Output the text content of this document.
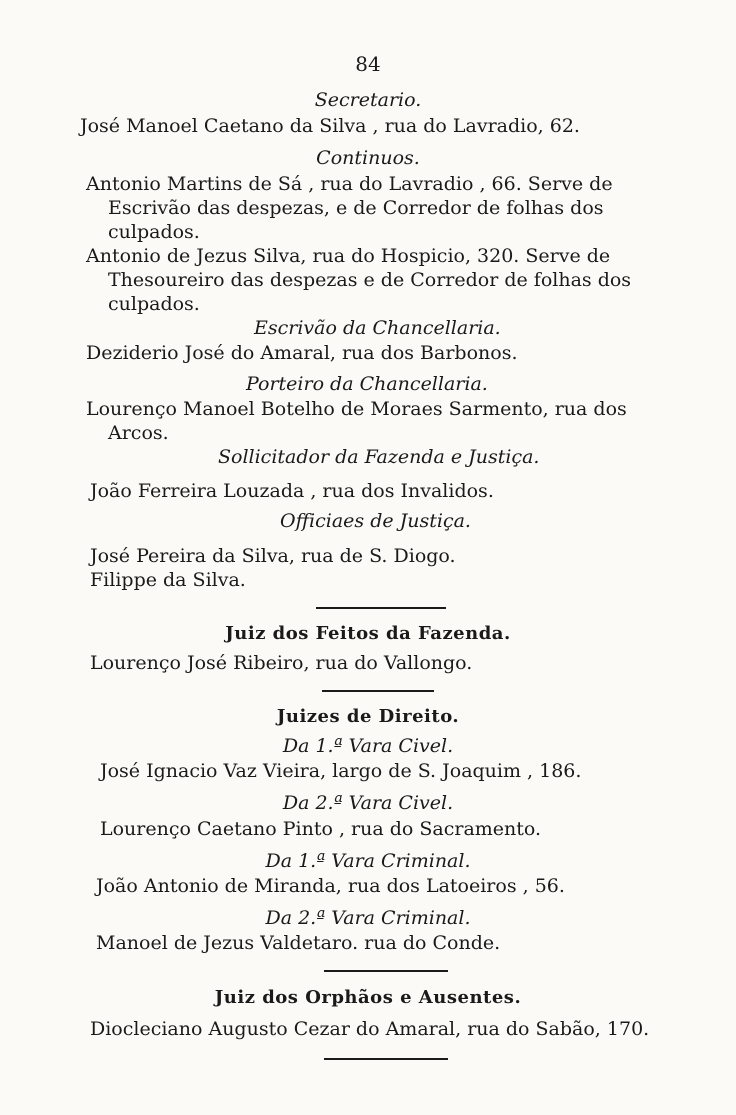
84
Secretario.
José Manoel Caetano da Silva , rua do Lavradio, 62.
Continuos.
Antonio Martins de Sá , rua do Lavradio , 66. Serve de
Escrivão das despezas, e de Corredor de folhas dos
culpados.
Antonio de Jezus Silva, rua do Hospicio, 320. Serve de
Thesoureiro das despezas e de Corredor de folhas dos
culpados.
Escrivão da Chancellaria.
Deziderio José do Amaral, rua dos Barbonos.
Porteiro da Chancellaria.
Lourenço Manoel Botelho de Moraes Sarmento, rua dos
Arcos.
Sollicitador da Fazenda e Justiça.
João Ferreira Louzada , rua dos Invalidos.
Officiaes de Justiça.
José Pereira da Silva, rua de S. Diogo.
Filippe da Silva.
Juiz dos Feitos da Fazenda.
Lourenço José Ribeiro, rua do Vallongo.
Juizes de Direito.
Da 1.ª Vara Civel.
José Ignacio Vaz Vieira, largo de S. Joaquim , 186.
Da 2.ª Vara Civel.
Lourenço Caetano Pinto , rua do Sacramento.
Da 1.ª Vara Criminal.
João Antonio de Miranda, rua dos Latoeiros , 56.
Da 2.ª Vara Criminal.
Manoel de Jezus Valdetaro. rua do Conde.
Juiz dos Orphãos e Ausentes.
Diocleciano Augusto Cezar do Amaral, rua do Sabão, 170.
